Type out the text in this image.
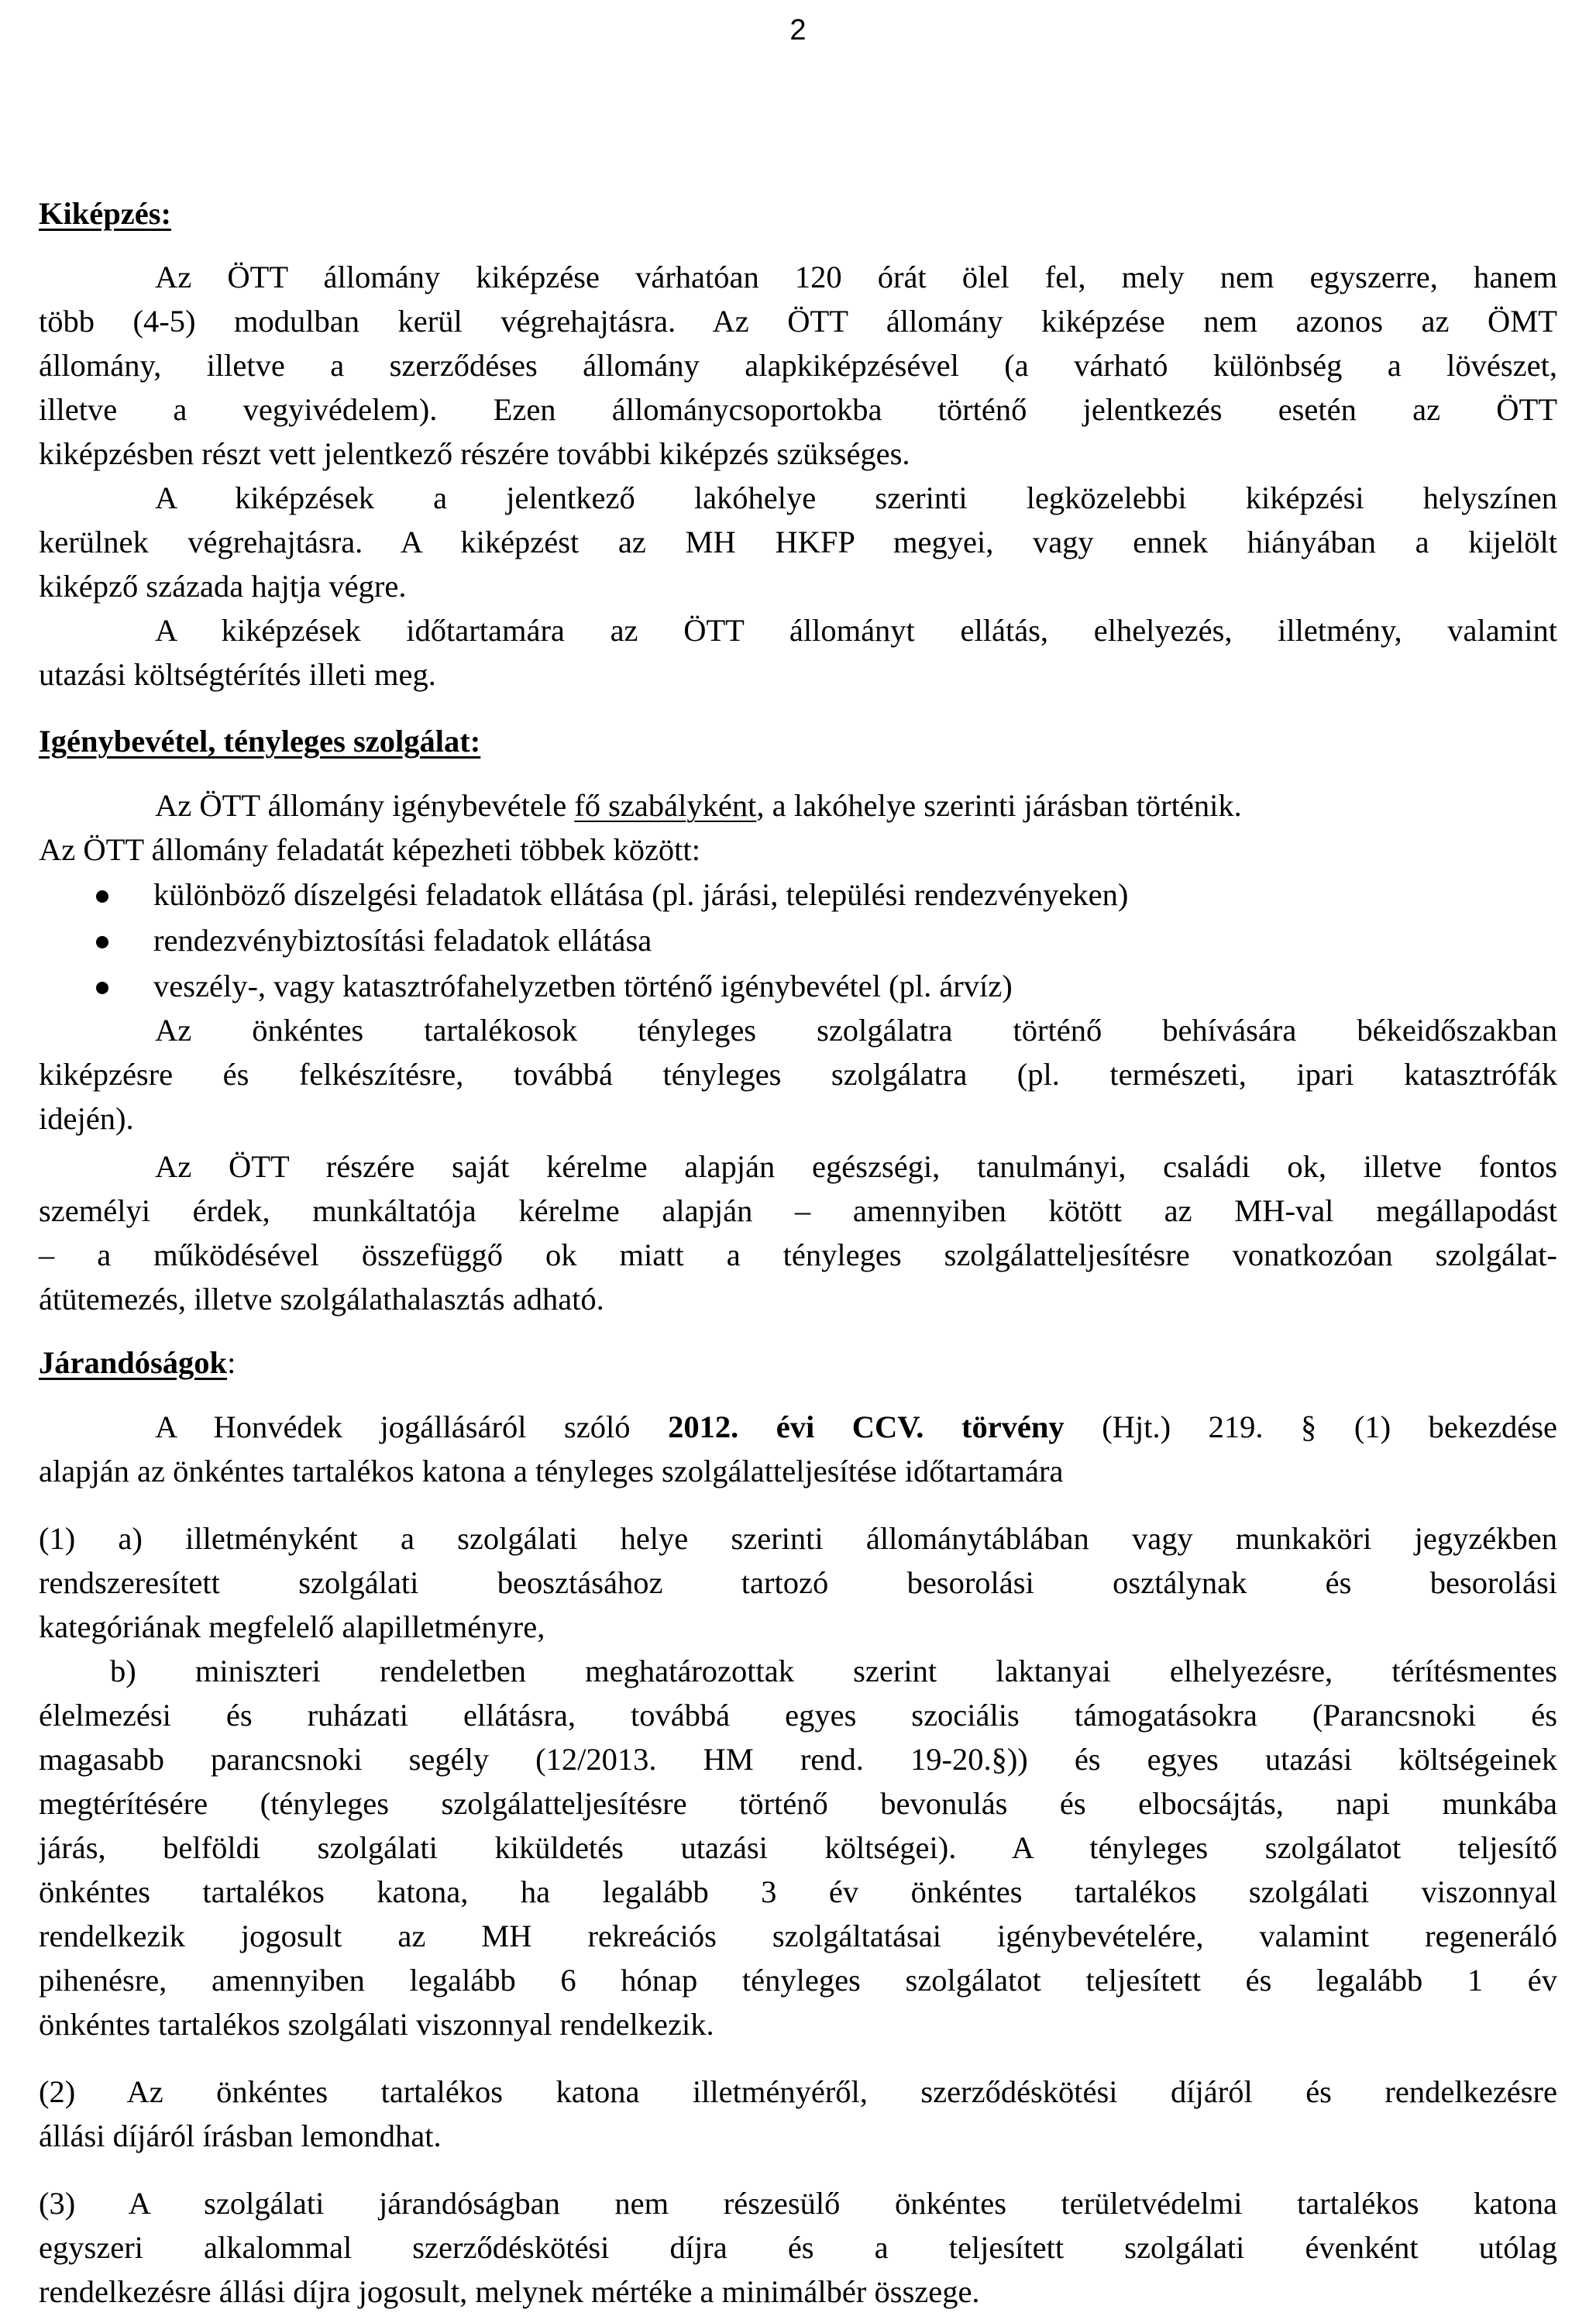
2
Kiképzés:
Az ÖTT állomány kiképzése várhatóan 120 órát ölel fel, mely nem egyszerre, hanem
több (4-5) modulban kerül végrehajtásra. Az ÖTT állomány kiképzése nem azonos az ÖMT
állomány, illetve a szerződéses állomány alapkiképzésével (a várható különbség a lövészet,
illetve a vegyivédelem). Ezen állománycsoportokba történő jelentkezés esetén az ÖTT
kiképzésben részt vett jelentkező részére további kiképzés szükséges.
A kiképzések a jelentkező lakóhelye szerinti legközelebbi kiképzési helyszínen
kerülnek végrehajtásra. A kiképzést az MH HKFP megyei, vagy ennek hiányában a kijelölt
kiképző századа hajtja végre.
A kiképzések időtartamára az ÖTT állományt ellátás, elhelyezés, illetmény, valamint
utazási költségtérítés illeti meg.
Igénybevétel, tényleges szolgálat:
Az ÖTT állomány igénybevétele fő szabályként, a lakóhelye szerinti járásban történik.
Az ÖTT állomány feladatát képezheti többek között:
különböző díszelgési feladatok ellátása (pl. járási, települési rendezvényeken)
rendezvénybiztosítási feladatok ellátása
veszély-, vagy katasztrófahelyzetben történő igénybevétel (pl. árvíz)
Az önkéntes tartalékosok tényleges szolgálatra történő behívására békeidőszakban
kiképzésre és felkészítésre, továbbá tényleges szolgálatra (pl. természeti, ipari katasztrófák
idején).
Az ÖTT részére saját kérelme alapján egészségi, tanulmányi, családi ok, illetve fontos
személyi érdek, munkáltatója kérelme alapján – amennyiben kötött az MH-val megállapodást
– a működésével összefüggő ok miatt a tényleges szolgálatteljesítésre vonatkozóan szolgálat-
átütemezés, illetve szolgálathalasztás adható.
Járandóságok:
A Honvédek jogállásáról szóló 2012. évi CCV. törvény (Hjt.) 219. § (1) bekezdése
alapján az önkéntes tartalékos katona a tényleges szolgálatteljesítése időtartamára
(1) a) illetményként a szolgálati helye szerinti állománytáblában vagy munkaköri jegyzékben
rendszeresített szolgálati beosztásához tartozó besorolási osztálynak és besorolási
kategóriának megfelelő alapilletményre,
b) miniszteri rendeletben meghatározottak szerint laktanyai elhelyezésre, térítésmentes
élelmezési és ruházati ellátásra, továbbá egyes szociális támogatásokra (Parancsnoki és
magasabb parancsnoki segély (12/2013. HM rend. 19-20.§)) és egyes utazási költségeinek
megtérítésére (tényleges szolgálatteljesítésre történő bevonulás és elbocsájtás, napi munkába
járás, belföldi szolgálati kiküldetés utazási költségei). A tényleges szolgálatot teljesítő
önkéntes tartalékos katona, ha legalább 3 év önkéntes tartalékos szolgálati viszonnyal
rendelkezik jogosult az MH rekreációs szolgáltatásai igénybevételére, valamint regeneráló
pihenésre, amennyiben legalább 6 hónap tényleges szolgálatot teljesített és legalább 1 év
önkéntes tartalékos szolgálati viszonnyal rendelkezik.
(2) Az önkéntes tartalékos katona illetményéről, szerződéskötési díjáról és rendelkezésre
állási díjáról írásban lemondhat.
(3) A szolgálati járandóságban nem részesülő önkéntes területvédelmi tartalékos katona
egyszeri alkalommal szerződéskötési díjra és a teljesített szolgálati évenként utólag
rendelkezésre állási díjra jogosult, melynek mértéke a minimálbér összege.
